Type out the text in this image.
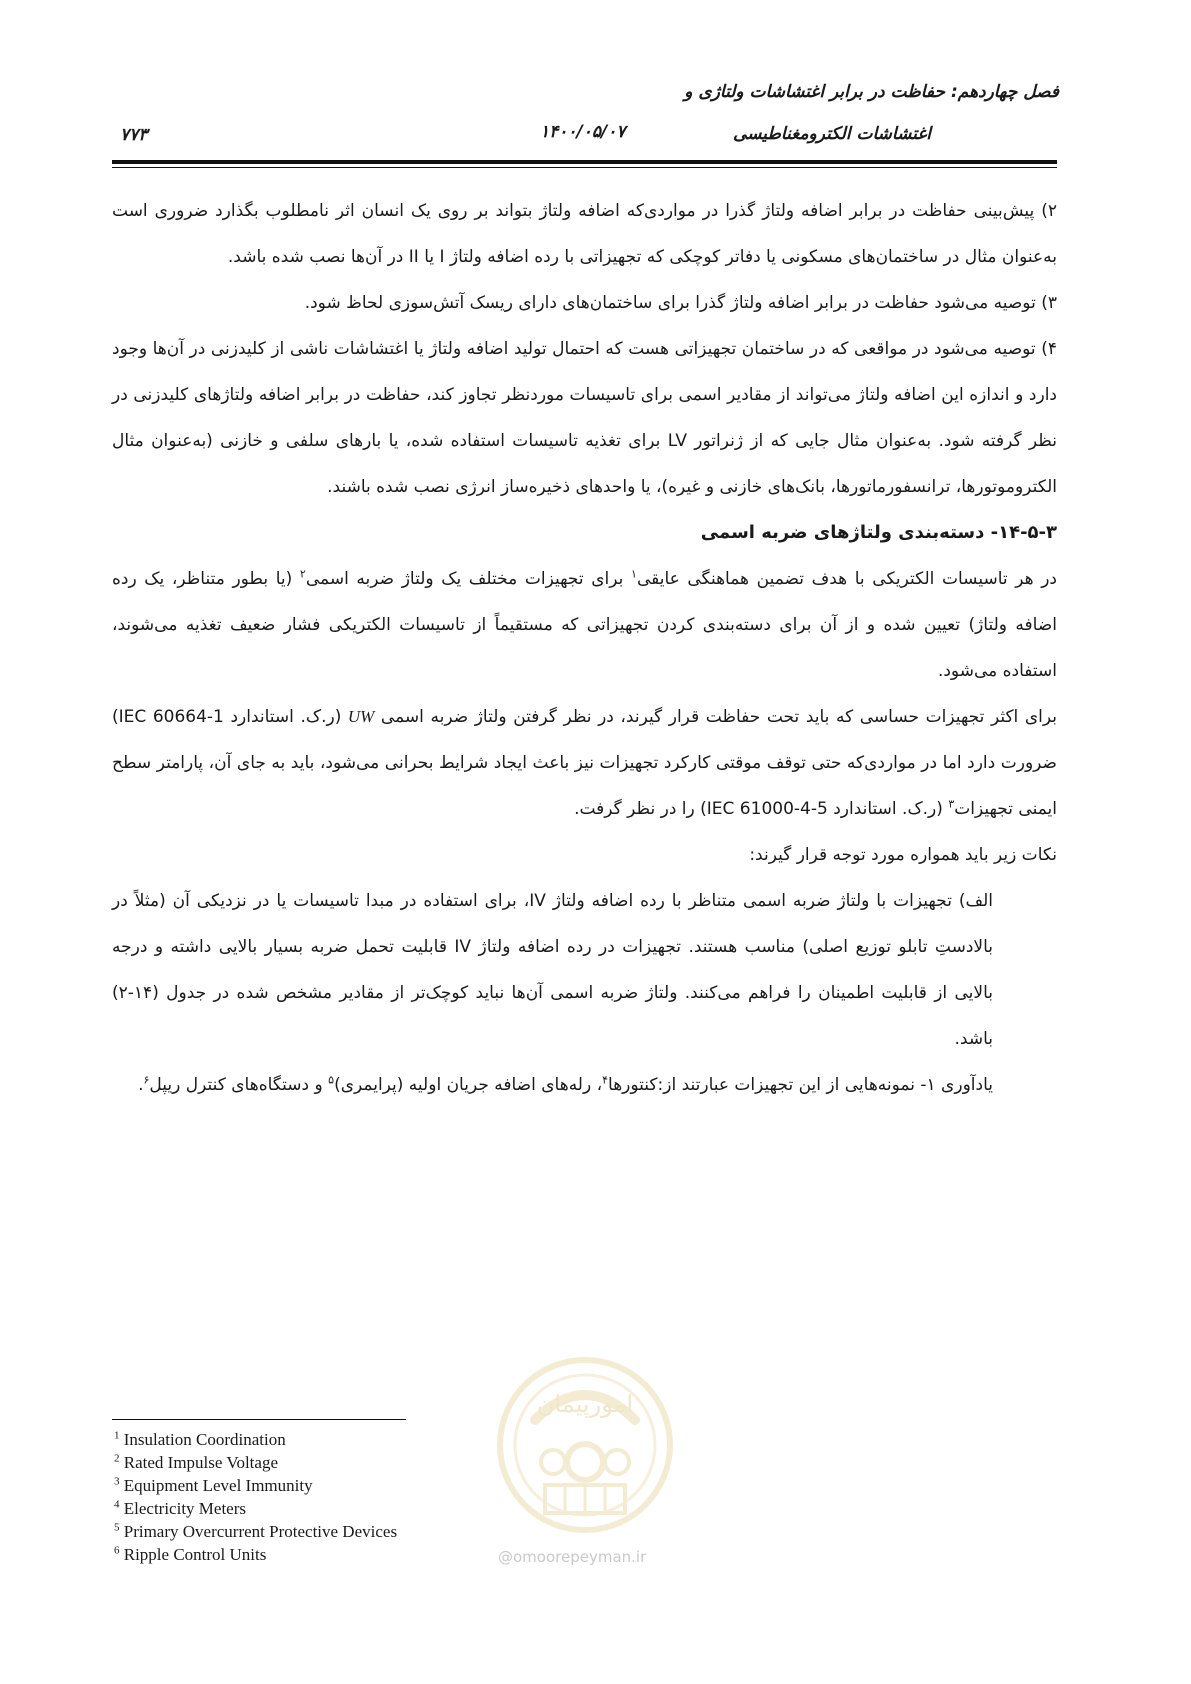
فصل چهاردهم: حفاظت در برابر اغتشاشات ولتاژی و
اغتشاشات الکترومغناطیسی
۱۴۰۰/۰۵/۰۷
۷۷۳

۲) پیش‌بینی حفاظت در برابر اضافه ولتاژ گذرا در مواردی‌که اضافه ولتاژ بتواند بر روی یک انسان اثر نامطلوب بگذارد ضروری است به‌عنوان مثال در ساختمان‌های مسکونی یا دفاتر کوچکی که تجهیزاتی با رده اضافه ولتاژ I یا II در آن‌ها نصب شده باشد.

۳) توصیه می‌شود حفاظت در برابر اضافه ولتاژ گذرا برای ساختمان‌های دارای ریسک آتش‌سوزی لحاظ شود.

۴) توصیه می‌شود در مواقعی که در ساختمان تجهیزاتی هست که احتمال تولید اضافه ولتاژ یا اغتشاشات ناشی از کلیدزنی در آن‌ها وجود دارد و اندازه این اضافه ولتاژ می‌تواند از مقادیر اسمی برای تاسیسات موردنظر تجاوز کند، حفاظت در برابر اضافه ولتاژهای کلیدزنی در نظر گرفته شود. به‌عنوان مثال جایی که از ژنراتور LV برای تغذیه تاسیسات استفاده شده، یا بارهای سلفی و خازنی (به‌عنوان مثال الکتروموتورها، ترانسفورماتورها، بانک‌های خازنی و غیره)، یا واحدهای ذخیره‌ساز انرژی نصب شده باشند.

۱۴-۵-۳- دسته‌بندی ولتاژهای ضربه اسمی

در هر تاسیسات الکتریکی با هدف تضمین هماهنگی عایقی$^۱$ برای تجهیزات مختلف یک ولتاژ ضربه اسمی$^۲$ (یا بطور متناظر، یک رده اضافه ولتاژ) تعیین شده و از آن برای دسته‌بندی کردن تجهیزاتی که مستقیماً از تاسیسات الکتریکی فشار ضعیف تغذیه می‌شوند، استفاده می‌شود.

برای اکثر تجهیزات حساسی که باید تحت حفاظت قرار گیرند، در نظر گرفتن ولتاژ ضربه اسمی UW (ر.ک. استاندارد IEC 60664-1) ضرورت دارد اما در مواردی‌که حتی توقف موقتی کارکرد تجهیزات نیز باعث ایجاد شرایط بحرانی می‌شود، باید به جای آن، پارامتر سطح ایمنی تجهیزات$^۳$ (ر.ک. استاندارد IEC 61000-4-5) را در نظر گرفت.

نکات زیر باید همواره مورد توجه قرار گیرند:

الف) تجهیزات با ولتاژ ضربه اسمی متناظر با رده اضافه ولتاژ IV، برای استفاده در مبدا تاسیسات یا در نزدیکی آن (مثلاً در بالادستِ تابلو توزیع اصلی) مناسب هستند. تجهیزات در رده اضافه ولتاژ IV قابلیت تحمل ضربه بسیار بالایی داشته و درجه بالایی از قابلیت اطمینان را فراهم می‌کنند. ولتاژ ضربه اسمی آن‌ها نباید کوچک‌تر از مقادیر مشخص شده در جدول (۱۴-۲) باشد.

یادآوری ۱- نمونه‌هایی از این تجهیزات عبارتند از:کنتورها$^۴$، رله‌های اضافه جریان اولیه (پرایمری)$^۵$ و دستگاه‌های کنترل ریپل$^۶$.

امورپیمان
@omoorepeyman.ir
$^1$ Insulation Coordination
$^2$ Rated Impulse Voltage
$^3$ Equipment Level Immunity
$^4$ Electricity Meters
$^5$ Primary Overcurrent Protective Devices
$^6$ Ripple Control Units
